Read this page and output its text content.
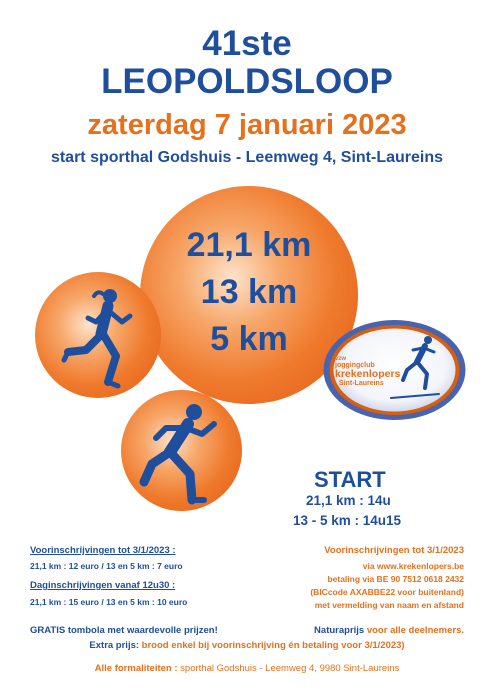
41ste
LEOPOLDSLOOP
zaterdag 7 januari 2023
start sporthal Godshuis - Leemweg 4, Sint-Laureins
21,1 km
13 km
5 km
vzw
joggingclub
krekenlopers
Sint-Laureins
START
21,1 km : 14u
13 - 5 km : 14u15
Voorinschrijvingen tot 3/1/2023 :
21,1 km : 12 euro / 13 en 5 km : 7 euro
Daginschrijvingen vanaf 12u30 :
21,1 km : 15 euro / 13 en 5 km : 10 euro
Voorinschrijvingen tot 3/1/2023
via www.krekenlopers.be
betaling via BE 90 7512 0618 2432
(BICcode AXABBE22 voor buitenland)
met vermelding van naam en afstand
GRATIS tombola met waardevolle prijzen!	Naturaprijs voor alle deelnemers.
Extra prijs: brood enkel bij voorinschrijving én betaling voor 3/1/2023)
Alle formaliteiten : sporthal Godshuis - Leemweg 4, 9980 Sint-Laureins
